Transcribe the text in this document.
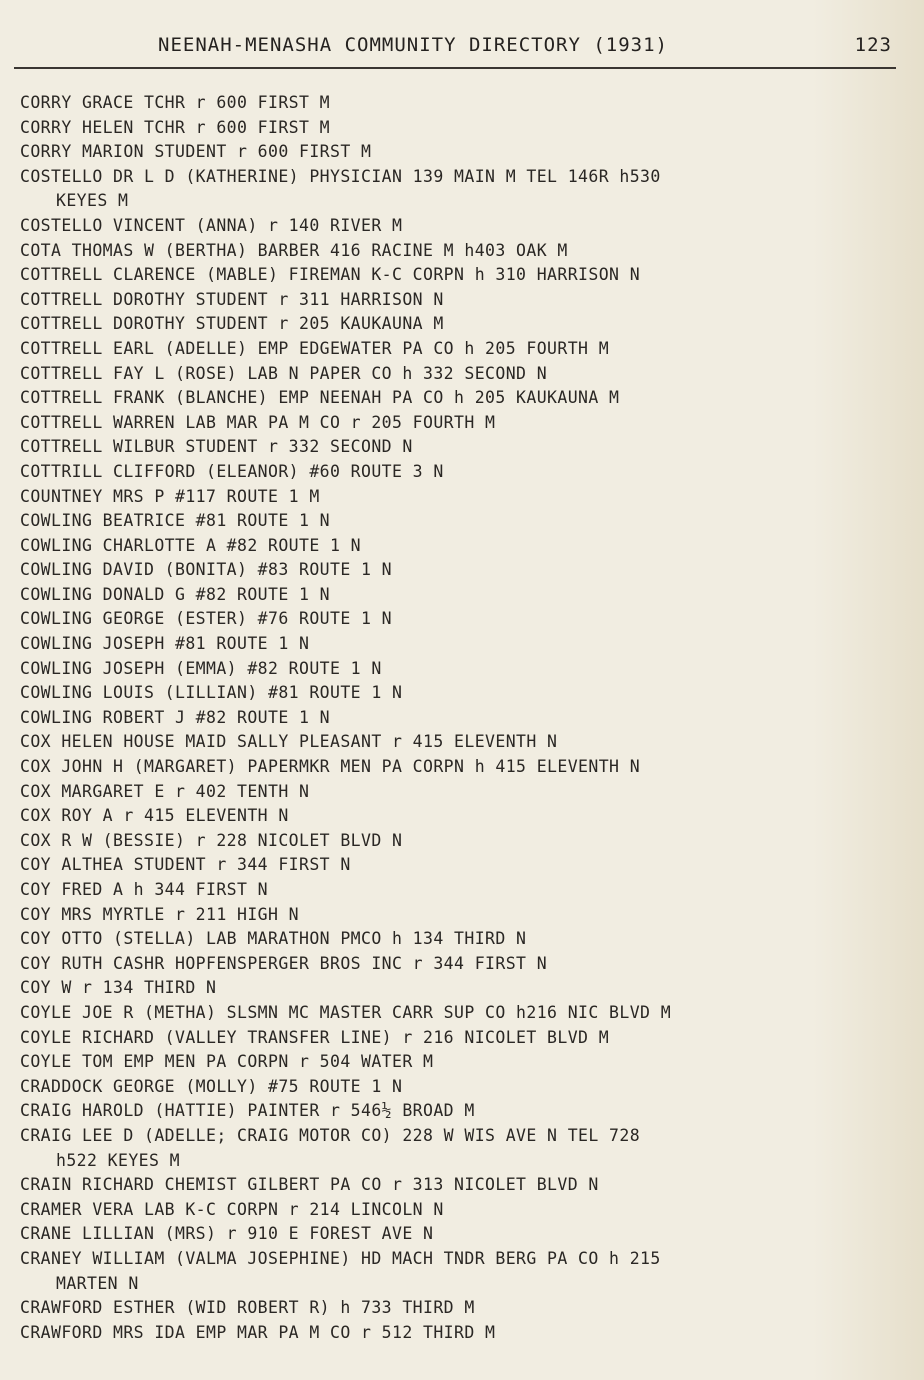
NEENAH-MENASHA COMMUNITY DIRECTORY (1931)	123
CORRY GRACE TCHR r 600 FIRST M
CORRY HELEN TCHR r 600 FIRST M
CORRY MARION STUDENT r 600 FIRST M
COSTELLO DR L D (KATHERINE) PHYSICIAN 139 MAIN M TEL 146R h530
KEYES M
COSTELLO VINCENT (ANNA) r 140 RIVER M
COTA THOMAS W (BERTHA) BARBER 416 RACINE M h403 OAK M
COTTRELL CLARENCE (MABLE) FIREMAN K-C CORPN h 310 HARRISON N
COTTRELL DOROTHY STUDENT r 311 HARRISON N
COTTRELL DOROTHY STUDENT r 205 KAUKAUNA M
COTTRELL EARL (ADELLE) EMP EDGEWATER PA CO h 205 FOURTH M
COTTRELL FAY L (ROSE) LAB N PAPER CO h 332 SECOND N
COTTRELL FRANK (BLANCHE) EMP NEENAH PA CO h 205 KAUKAUNA M
COTTRELL WARREN LAB MAR PA M CO r 205 FOURTH M
COTTRELL WILBUR STUDENT r 332 SECOND N
COTTRILL CLIFFORD (ELEANOR) #60 ROUTE 3 N
COUNTNEY MRS P #117 ROUTE 1 M
COWLING BEATRICE #81 ROUTE 1 N
COWLING CHARLOTTE A #82 ROUTE 1 N
COWLING DAVID (BONITA) #83 ROUTE 1 N
COWLING DONALD G #82 ROUTE 1 N
COWLING GEORGE (ESTER) #76 ROUTE 1 N
COWLING JOSEPH #81 ROUTE 1 N
COWLING JOSEPH (EMMA) #82 ROUTE 1 N
COWLING LOUIS (LILLIAN) #81 ROUTE 1 N
COWLING ROBERT J #82 ROUTE 1 N
COX HELEN HOUSE MAID SALLY PLEASANT r 415 ELEVENTH N
COX JOHN H (MARGARET) PAPERMKR MEN PA CORPN h 415 ELEVENTH N
COX MARGARET E r 402 TENTH N
COX ROY A r 415 ELEVENTH N
COX R W (BESSIE) r 228 NICOLET BLVD N
COY ALTHEA STUDENT r 344 FIRST N
COY FRED A h 344 FIRST N
COY MRS MYRTLE r 211 HIGH N
COY OTTO (STELLA) LAB MARATHON PMCO h 134 THIRD N
COY RUTH CASHR HOPFENSPERGER BROS INC r 344 FIRST N
COY W r 134 THIRD N
COYLE JOE R (METHA) SLSMN MC MASTER CARR SUP CO h216 NIC BLVD M
COYLE RICHARD (VALLEY TRANSFER LINE) r 216 NICOLET BLVD M
COYLE TOM EMP MEN PA CORPN r 504 WATER M
CRADDOCK GEORGE (MOLLY) #75 ROUTE 1 N
CRAIG HAROLD (HATTIE) PAINTER r 546½ BROAD M
CRAIG LEE D (ADELLE; CRAIG MOTOR CO) 228 W WIS AVE N TEL 728
h522 KEYES M
CRAIN RICHARD CHEMIST GILBERT PA CO r 313 NICOLET BLVD N
CRAMER VERA LAB K-C CORPN r 214 LINCOLN N
CRANE LILLIAN (MRS) r 910 E FOREST AVE N
CRANEY WILLIAM (VALMA JOSEPHINE) HD MACH TNDR BERG PA CO h 215
MARTEN N
CRAWFORD ESTHER (WID ROBERT R) h 733 THIRD M
CRAWFORD MRS IDA EMP MAR PA M CO r 512 THIRD M
